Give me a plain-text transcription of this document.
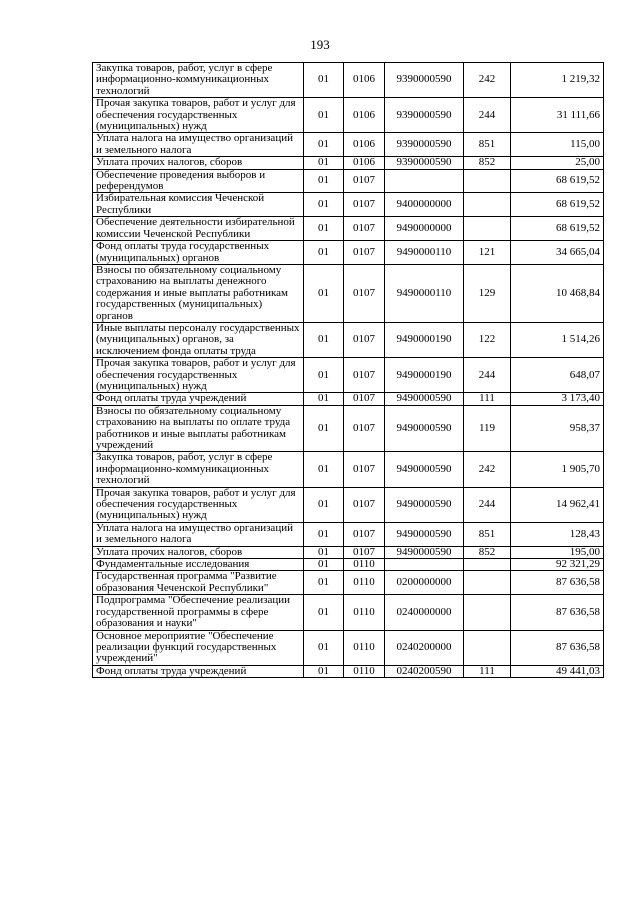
193
Закупка товаров, работ, услуг в сфере информационно-коммуникационных технологий	01	0106	9390000590	242	1 219,32
Прочая закупка товаров, работ и услуг для обеспечения государственных (муниципальных) нужд	01	0106	9390000590	244	31 111,66
Уплата налога на имущество организаций и земельного налога	01	0106	9390000590	851	115,00
Уплата прочих налогов, сборов	01	0106	9390000590	852	25,00
Обеспечение проведения выборов и референдумов	01	0107			68 619,52
Избирательная комиссия Чеченской Республики	01	0107	9400000000		68 619,52
Обеспечение деятельности избирательной комиссии Чеченской Республики	01	0107	9490000000		68 619,52
Фонд оплаты труда государственных (муниципальных) органов	01	0107	9490000110	121	34 665,04
Взносы по обязательному социальному страхованию на выплаты денежного содержания и иные выплаты работникам государственных (муниципальных) органов	01	0107	9490000110	129	10 468,84
Иные выплаты персоналу государственных (муниципальных) органов, за исключением фонда оплаты труда	01	0107	9490000190	122	1 514,26
Прочая закупка товаров, работ и услуг для обеспечения государственных (муниципальных) нужд	01	0107	9490000190	244	648,07
Фонд оплаты труда учреждений	01	0107	9490000590	111	3 173,40
Взносы по обязательному социальному страхованию на выплаты по оплате труда работников и иные выплаты работникам учреждений	01	0107	9490000590	119	958,37
Закупка товаров, работ, услуг в сфере информационно-коммуникационных технологий	01	0107	9490000590	242	1 905,70
Прочая закупка товаров, работ и услуг для обеспечения государственных (муниципальных) нужд	01	0107	9490000590	244	14 962,41
Уплата налога на имущество организаций и земельного налога	01	0107	9490000590	851	128,43
Уплата прочих налогов, сборов	01	0107	9490000590	852	195,00
Фундаментальные исследования	01	0110			92 321,29
Государственная программа "Развитие образования Чеченской Республики"	01	0110	0200000000		87 636,58
Подпрограмма "Обеспечение реализации государственной программы в сфере образования и науки"	01	0110	0240000000		87 636,58
Основное мероприятие "Обеспечение реализации функций государственных учреждений"	01	0110	0240200000		87 636,58
Фонд оплаты труда учреждений	01	0110	0240200590	111	49 441,03
